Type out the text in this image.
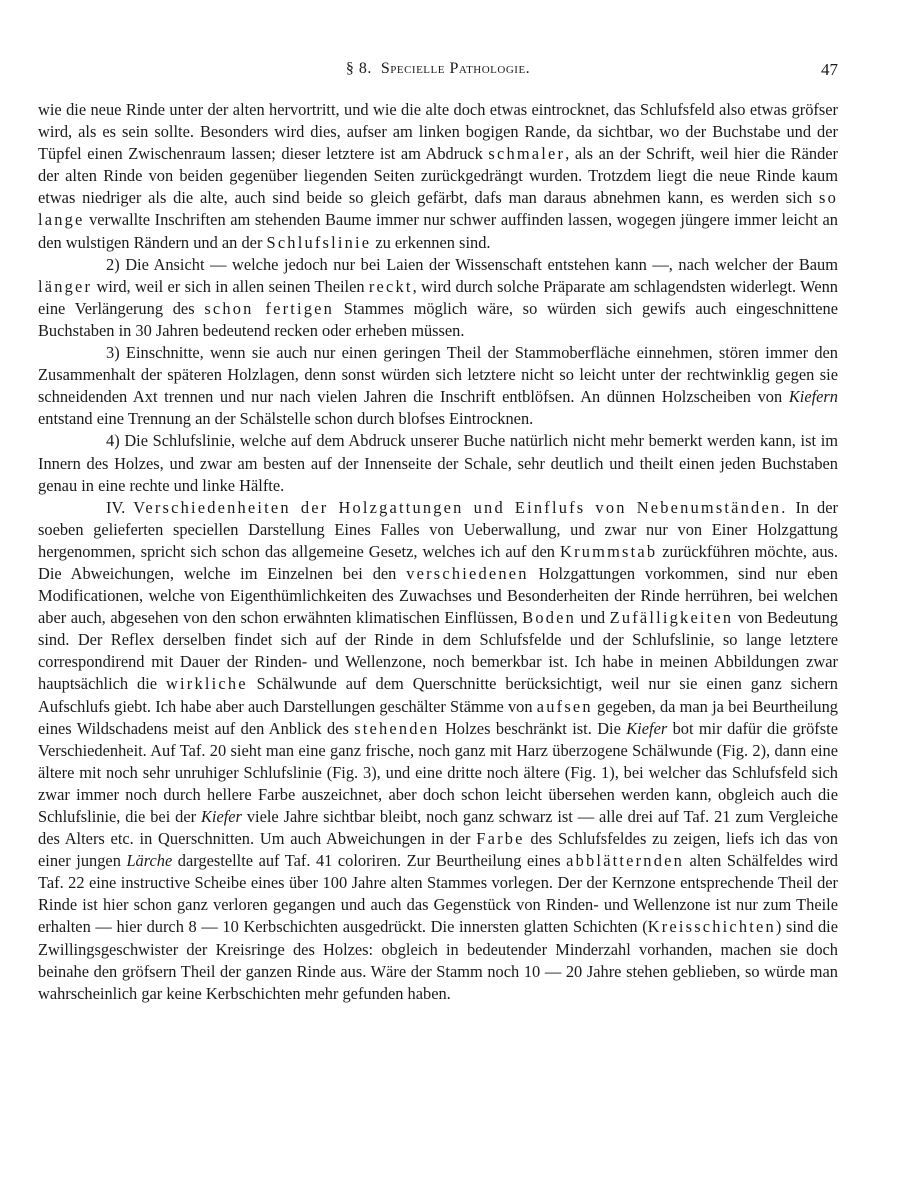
§ 8. Specielle Pathologie.	47

wie die neue Rinde unter der alten hervortritt, und wie die alte doch etwas eintrocknet, das Schlufsfeld also etwas gröfser wird, als es sein sollte. Besonders wird dies, aufser am linken bogigen Rande, da sichtbar, wo der Buchstabe und der Tüpfel einen Zwischenraum lassen; dieser letztere ist am Abdruck schmaler, als an der Schrift, weil hier die Ränder der alten Rinde von beiden gegenüber liegenden Seiten zurückgedrängt wurden. Trotzdem liegt die neue Rinde kaum etwas niedriger als die alte, auch sind beide so gleich gefärbt, dafs man daraus abnehmen kann, es werden sich so lange verwallte Inschriften am stehenden Baume immer nur schwer auffinden lassen, wogegen jüngere immer leicht an den wulstigen Rändern und an der Schlufslinie zu erkennen sind.

2) Die Ansicht — welche jedoch nur bei Laien der Wissenschaft entstehen kann —, nach welcher der Baum länger wird, weil er sich in allen seinen Theilen reckt, wird durch solche Präparate am schlagendsten widerlegt. Wenn eine Verlängerung des schon fertigen Stammes möglich wäre, so würden sich gewifs auch eingeschnittene Buchstaben in 30 Jahren bedeutend recken oder erheben müssen.

3) Einschnitte, wenn sie auch nur einen geringen Theil der Stammoberfläche einnehmen, stören immer den Zusammenhalt der späteren Holzlagen, denn sonst würden sich letztere nicht so leicht unter der rechtwinklig gegen sie schneidenden Axt trennen und nur nach vielen Jahren die Inschrift entblöfsen. An dünnen Holzscheiben von Kiefern entstand eine Trennung an der Schälstelle schon durch blofses Eintrocknen.

4) Die Schlufslinie, welche auf dem Abdruck unserer Buche natürlich nicht mehr bemerkt werden kann, ist im Innern des Holzes, und zwar am besten auf der Innenseite der Schale, sehr deutlich und theilt einen jeden Buchstaben genau in eine rechte und linke Hälfte.

IV. Verschiedenheiten der Holzgattungen und Einflufs von Nebenumständen. In der soeben gelieferten speciellen Darstellung Eines Falles von Ueberwallung, und zwar nur von Einer Holzgattung hergenommen, spricht sich schon das allgemeine Gesetz, welches ich auf den Krummstab zurückführen möchte, aus. Die Abweichungen, welche im Einzelnen bei den verschiedenen Holzgattungen vorkommen, sind nur eben Modificationen, welche von Eigenthümlichkeiten des Zuwachses und Besonderheiten der Rinde herrühren, bei welchen aber auch, abgesehen von den schon erwähnten klimatischen Einflüssen, Boden und Zufälligkeiten von Bedeutung sind. Der Reflex derselben findet sich auf der Rinde in dem Schlufsfelde und der Schlufslinie, so lange letztere correspondirend mit Dauer der Rinden- und Wellenzone, noch bemerkbar ist. Ich habe in meinen Abbildungen zwar hauptsächlich die wirkliche Schälwunde auf dem Querschnitte berücksichtigt, weil nur sie einen ganz sichern Aufschlufs giebt. Ich habe aber auch Darstellungen geschälter Stämme von aufsen gegeben, da man ja bei Beurtheilung eines Wildschadens meist auf den Anblick des stehenden Holzes beschränkt ist. Die Kiefer bot mir dafür die gröfste Verschiedenheit. Auf Taf. 20 sieht man eine ganz frische, noch ganz mit Harz überzogene Schälwunde (Fig. 2), dann eine ältere mit noch sehr unruhiger Schlufslinie (Fig. 3), und eine dritte noch ältere (Fig. 1), bei welcher das Schlufsfeld sich zwar immer noch durch hellere Farbe auszeichnet, aber doch schon leicht übersehen werden kann, obgleich auch die Schlufslinie, die bei der Kiefer viele Jahre sichtbar bleibt, noch ganz schwarz ist — alle drei auf Taf. 21 zum Vergleiche des Alters etc. in Querschnitten. Um auch Abweichungen in der Farbe des Schlufsfeldes zu zeigen, liefs ich das von einer jungen Lärche dargestellte auf Taf. 41 coloriren. Zur Beurtheilung eines abblätternden alten Schälfeldes wird Taf. 22 eine instructive Scheibe eines über 100 Jahre alten Stammes vorlegen. Der der Kernzone entsprechende Theil der Rinde ist hier schon ganz verloren gegangen und auch das Gegenstück von Rinden- und Wellenzone ist nur zum Theile erhalten — hier durch 8 — 10 Kerbschichten ausgedrückt. Die innersten glatten Schichten (Kreisschichten) sind die Zwillingsgeschwister der Kreisringe des Holzes: obgleich in bedeutender Minderzahl vorhanden, machen sie doch beinahe den gröfsern Theil der ganzen Rinde aus. Wäre der Stamm noch 10 — 20 Jahre stehen geblieben, so würde man wahrscheinlich gar keine Kerbschichten mehr gefunden haben.
